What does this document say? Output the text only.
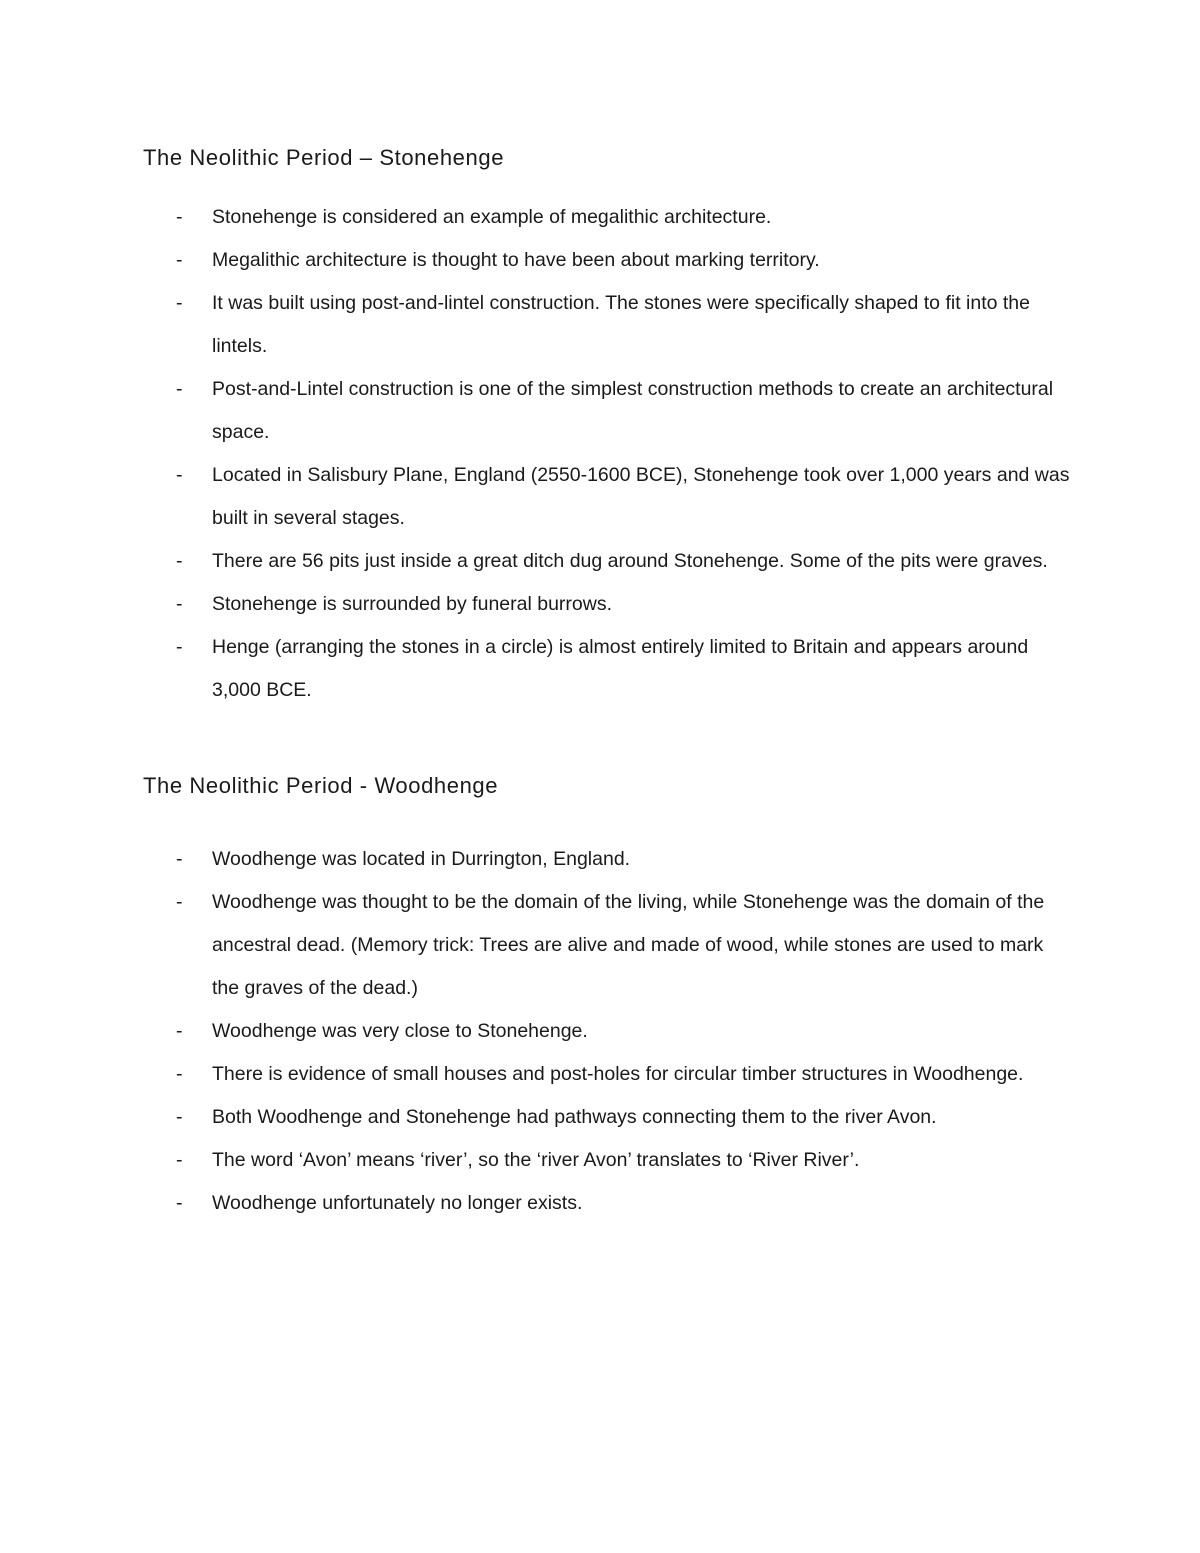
The Neolithic Period – Stonehenge
- Stonehenge is considered an example of megalithic architecture.
- Megalithic architecture is thought to have been about marking territory.
- It was built using post-and-lintel construction. The stones were specifically shaped to fit into the lintels.
- Post-and-Lintel construction is one of the simplest construction methods to create an architectural space.
- Located in Salisbury Plane, England (2550-1600 BCE), Stonehenge took over 1,000 years and was built in several stages.
- There are 56 pits just inside a great ditch dug around Stonehenge. Some of the pits were graves.
- Stonehenge is surrounded by funeral burrows.
- Henge (arranging the stones in a circle) is almost entirely limited to Britain and appears around 3,000 BCE.
The Neolithic Period - Woodhenge
- Woodhenge was located in Durrington, England.
- Woodhenge was thought to be the domain of the living, while Stonehenge was the domain of the ancestral dead. (Memory trick: Trees are alive and made of wood, while stones are used to mark the graves of the dead.)
- Woodhenge was very close to Stonehenge.
- There is evidence of small houses and post-holes for circular timber structures in Woodhenge.
- Both Woodhenge and Stonehenge had pathways connecting them to the river Avon.
- The word ‘Avon’ means ‘river’, so the ‘river Avon’ translates to ‘River River’.
- Woodhenge unfortunately no longer exists.
